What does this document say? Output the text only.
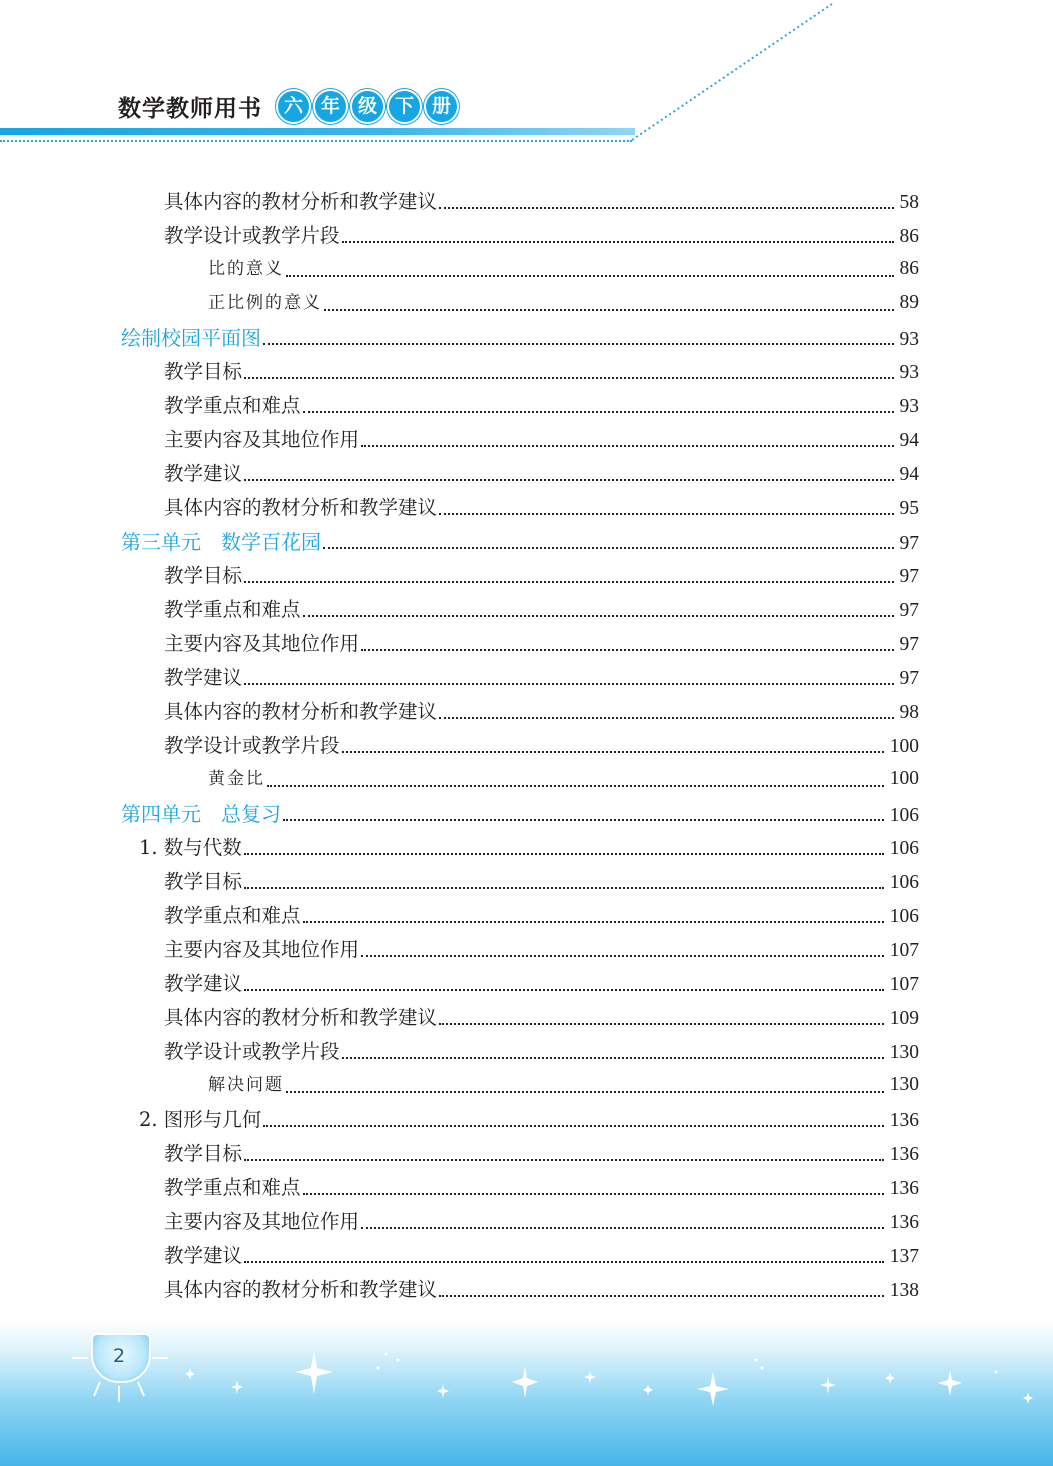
数学教师用书	六 年 级 下 册
具体内容的教材分析和教学建议	58
教学设计或教学片段	86
比的意义	86
正比例的意义	89
绘制校园平面图	93
教学目标	93
教学重点和难点	93
主要内容及其地位作用	94
教学建议	94
具体内容的教材分析和教学建议	95
第三单元　数学百花园	97
教学目标	97
教学重点和难点	97
主要内容及其地位作用	97
教学建议	97
具体内容的教材分析和教学建议	98
教学设计或教学片段	100
黄金比	100
第四单元　总复习	106
1. 数与代数	106
教学目标	106
教学重点和难点	106
主要内容及其地位作用	107
教学建议	107
具体内容的教材分析和教学建议	109
教学设计或教学片段	130
解决问题	130
2. 图形与几何	136
教学目标	136
教学重点和难点	136
主要内容及其地位作用	136
教学建议	137
具体内容的教材分析和教学建议	138
2
